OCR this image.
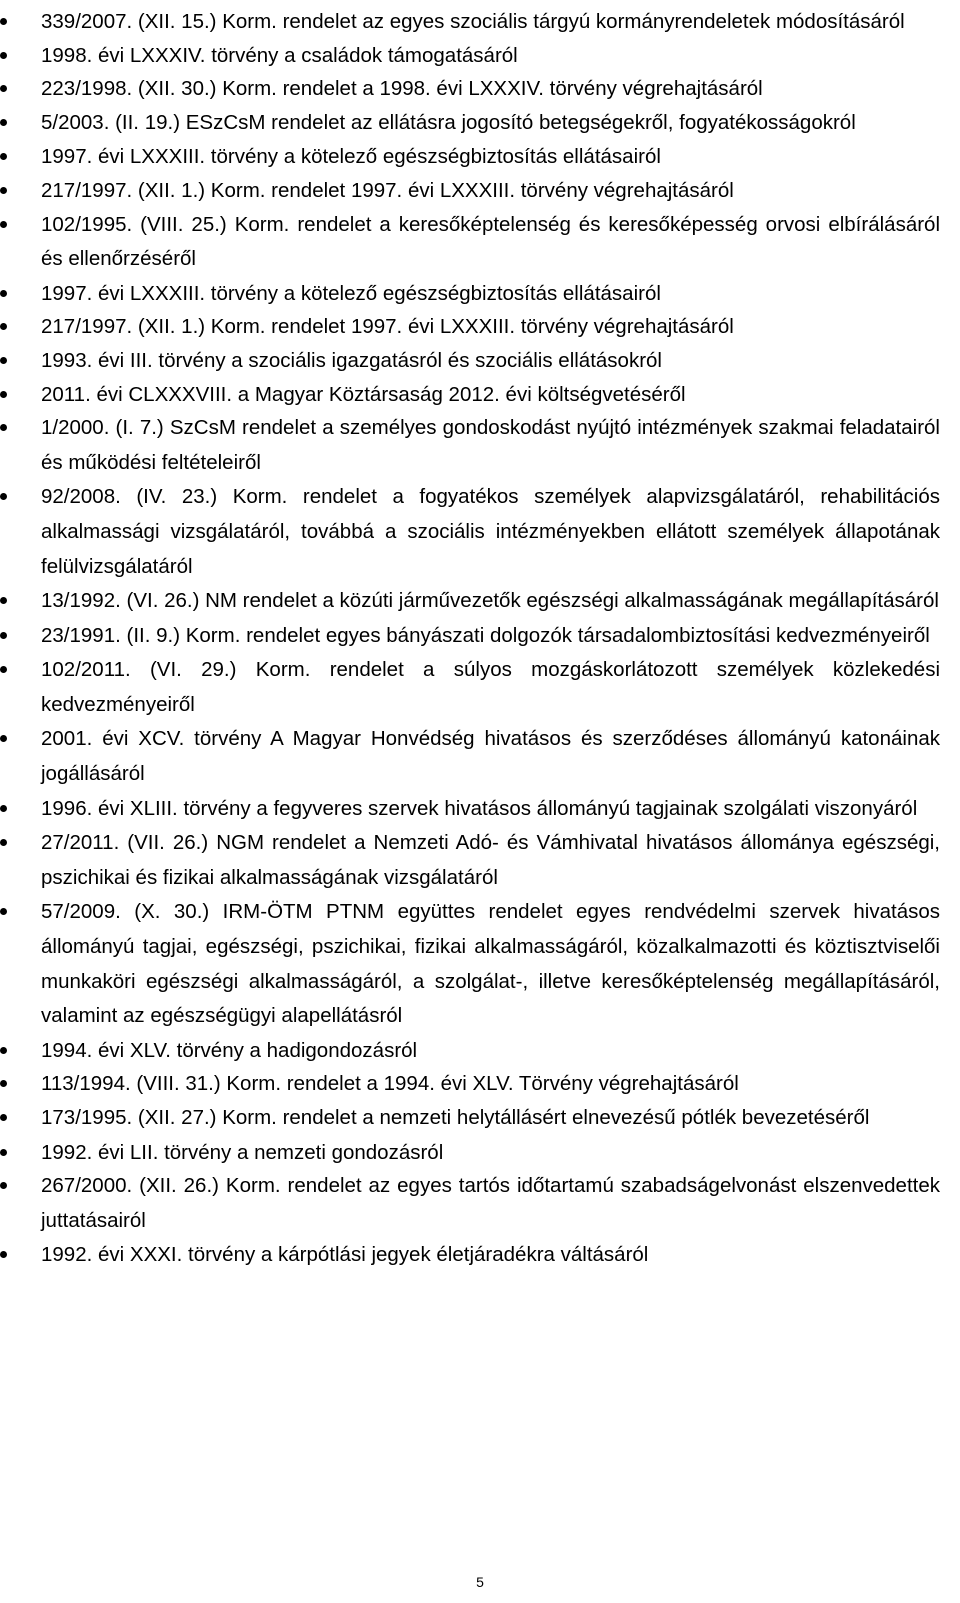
339/2007. (XII. 15.) Korm. rendelet az egyes szociális tárgyú kormányrendeletek módosításáról
1998. évi LXXXIV. törvény a családok támogatásáról
223/1998. (XII. 30.) Korm. rendelet a 1998. évi LXXXIV. törvény végrehajtásáról
5/2003. (II. 19.) ESzCsM rendelet az ellátásra jogosító betegségekről, fogyatékosságokról
1997. évi LXXXIII. törvény a kötelező egészségbiztosítás ellátásairól
217/1997. (XII. 1.) Korm. rendelet 1997. évi LXXXIII. törvény végrehajtásáról
102/1995. (VIII. 25.) Korm. rendelet a keresőképtelenség és keresőképesség orvosi elbírálásáról és ellenőrzéséről
1997. évi LXXXIII. törvény a kötelező egészségbiztosítás ellátásairól
217/1997. (XII. 1.) Korm. rendelet 1997. évi LXXXIII. törvény végrehajtásáról
1993. évi III. törvény a szociális igazgatásról és szociális ellátásokról
2011. évi CLXXXVIII. a Magyar Köztársaság 2012. évi költségvetéséről
1/2000. (I. 7.) SzCsM rendelet a személyes gondoskodást nyújtó intézmények szakmai feladatairól és működési feltételeiről
92/2008. (IV. 23.) Korm. rendelet a fogyatékos személyek alapvizsgálatáról, rehabilitációs alkalmassági vizsgálatáról, továbbá a szociális intézményekben ellátott személyek állapotának felülvizsgálatáról
13/1992. (VI. 26.) NM rendelet a közúti járművezetők egészségi alkalmasságának megállapításáról
23/1991. (II. 9.) Korm. rendelet egyes bányászati dolgozók társadalombiztosítási kedvezményeiről
102/2011. (VI. 29.) Korm. rendelet a súlyos mozgáskorlátozott személyek közlekedési kedvezményeiről
2001. évi XCV. törvény A Magyar Honvédség hivatásos és szerződéses állományú katonáinak jogállásáról
1996. évi XLIII. törvény a fegyveres szervek hivatásos állományú tagjainak szolgálati viszonyáról
27/2011. (VII. 26.) NGM rendelet a Nemzeti Adó- és Vámhivatal hivatásos állománya egészségi, pszichikai és fizikai alkalmasságának vizsgálatáról
57/2009. (X. 30.) IRM-ÖTM PTNM együttes rendelet egyes rendvédelmi szervek hivatásos állományú tagjai, egészségi, pszichikai, fizikai alkalmasságáról, közalkalmazotti és köztisztviselői munkaköri egészségi alkalmasságáról, a szolgálat-, illetve keresőképtelenség megállapításáról, valamint az egészségügyi alapellátásról
1994. évi XLV. törvény a hadigondozásról
113/1994. (VIII. 31.) Korm. rendelet a 1994. évi XLV. Törvény végrehajtásáról
173/1995. (XII. 27.) Korm. rendelet a nemzeti helytállásért elnevezésű pótlék bevezetéséről
1992. évi LII. törvény a nemzeti gondozásról
267/2000. (XII. 26.) Korm. rendelet az egyes tartós időtartamú szabadságelvonást elszenvedettek juttatásairól
1992. évi XXXI. törvény a kárpótlási jegyek életjáradékra váltásáról
5
